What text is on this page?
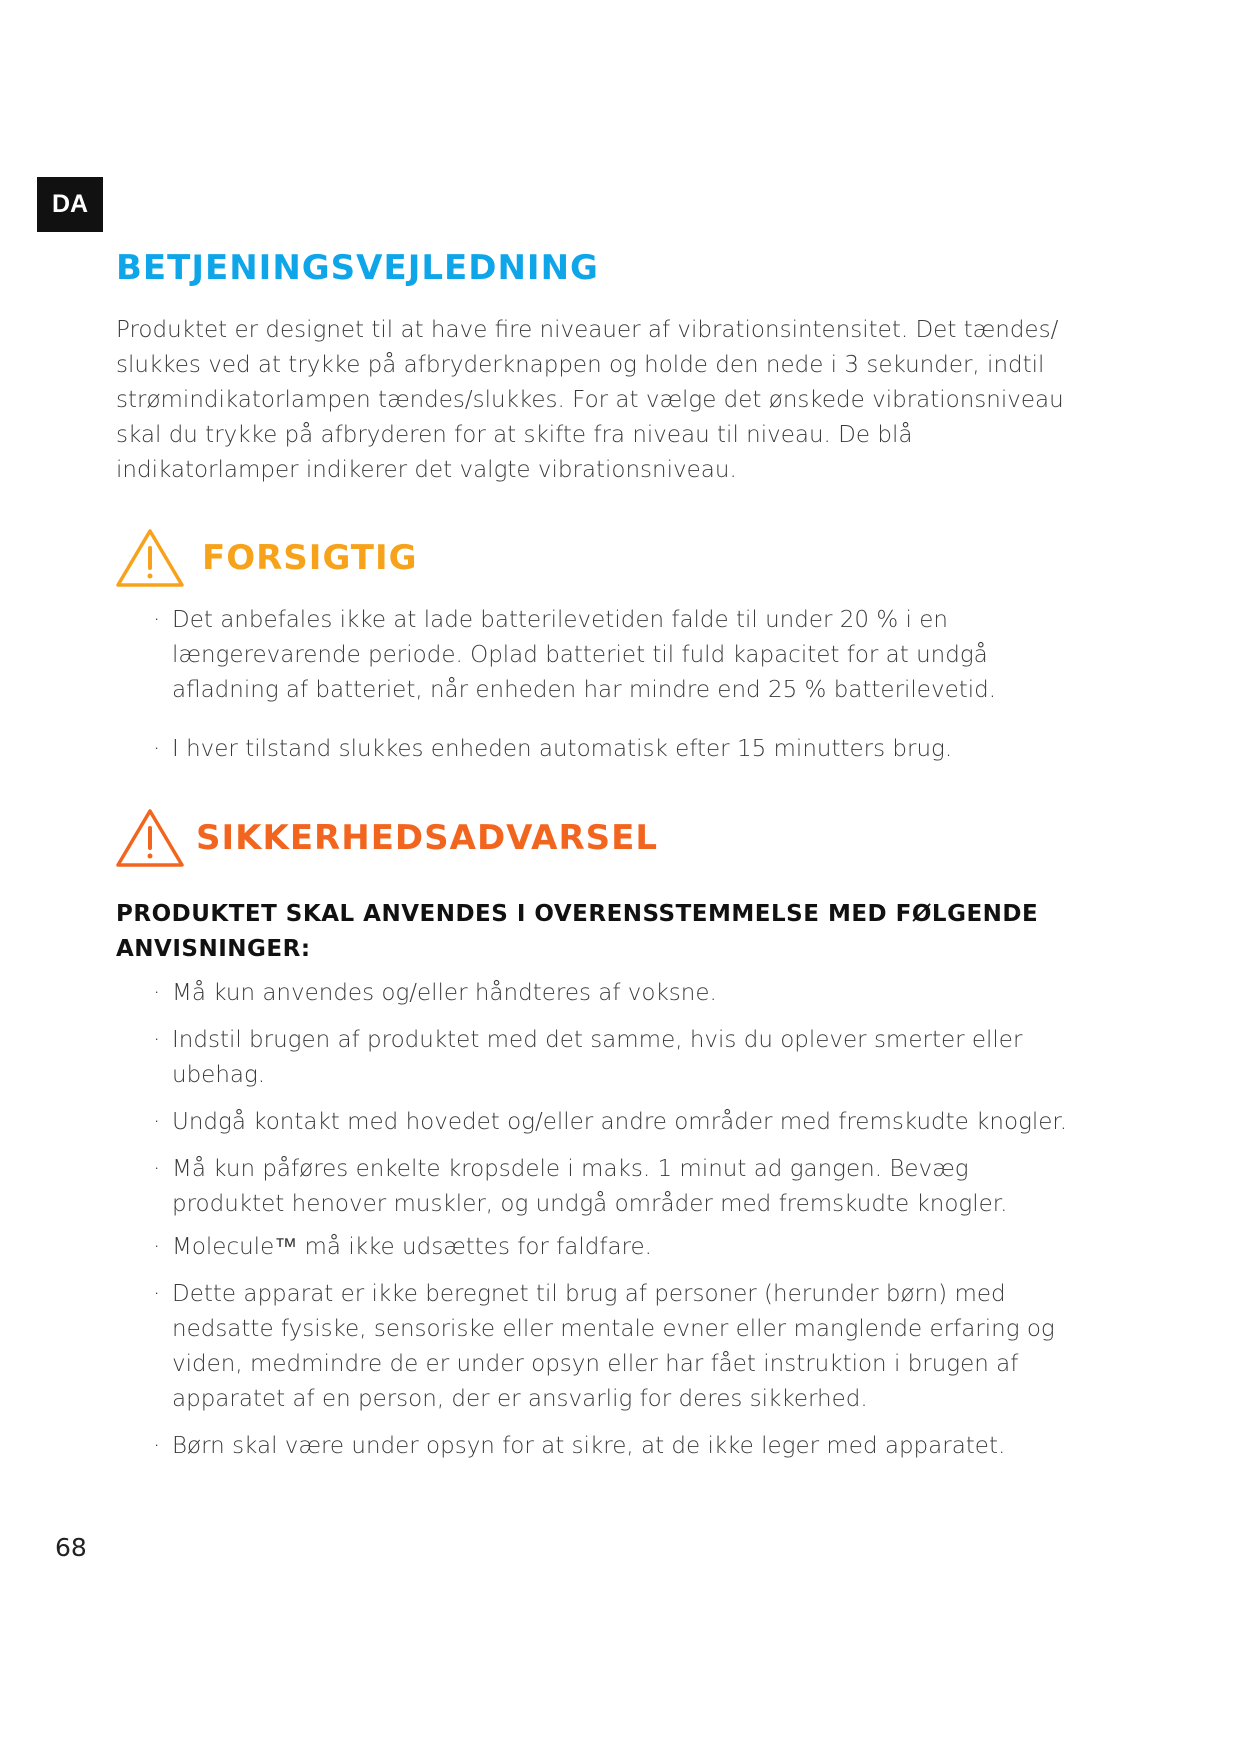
DA
BETJENINGSVEJLEDNING

Produktet er designet til at have fire niveauer af vibrationsintensitet. Det tændes/ slukkes ved at trykke på afbryderknappen og holde den nede i 3 sekunder, indtil strømindikatorlampen tændes/slukkes. For at vælge det ønskede vibrationsniveau skal du trykke på afbryderen for at skifte fra niveau til niveau. De blå indikatorlamper indikerer det valgte vibrationsniveau.

FORSIGTIG
· Det anbefales ikke at lade batterilevetiden falde til under 20 % i en længerevarende periode. Oplad batteriet til fuld kapacitet for at undgå afladning af batteriet, når enheden har mindre end 25 % batterilevetid.
· I hver tilstand slukkes enheden automatisk efter 15 minutters brug.
SIKKERHEDSADVARSEL
PRODUKTET SKAL ANVENDES I OVERENSSTEMMELSE MED FØLGENDE ANVISNINGER:
· Må kun anvendes og/eller håndteres af voksne.
· Indstil brugen af produktet med det samme, hvis du oplever smerter eller ubehag.
· Undgå kontakt med hovedet og/eller andre områder med fremskudte knogler.
· Må kun påføres enkelte kropsdele i maks. 1 minut ad gangen. Bevæg produktet henover muskler, og undgå områder med fremskudte knogler.
· Molecule™ må ikke udsættes for faldfare.
· Dette apparat er ikke beregnet til brug af personer (herunder børn) med nedsatte fysiske, sensoriske eller mentale evner eller manglende erfaring og viden, medmindre de er under opsyn eller har fået instruktion i brugen af apparatet af en person, der er ansvarlig for deres sikkerhed.
· Børn skal være under opsyn for at sikre, at de ikke leger med apparatet.
68
